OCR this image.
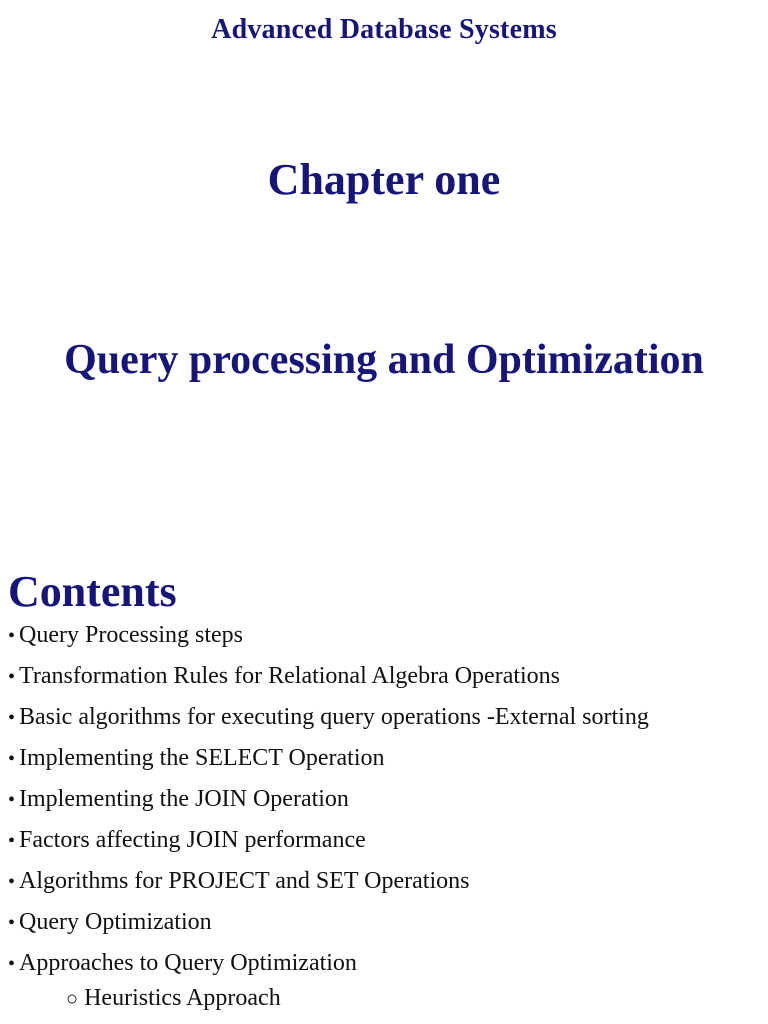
Advanced Database Systems
Chapter one
Query processing and Optimization
Contents
• Query Processing steps
• Transformation Rules for Relational Algebra Operations
• Basic algorithms for executing query operations -External sorting
• Implementing the SELECT Operation
• Implementing the JOIN Operation
• Factors affecting JOIN performance
• Algorithms for PROJECT and SET Operations
• Query Optimization
• Approaches to Query Optimization
○ Heuristics Approach
